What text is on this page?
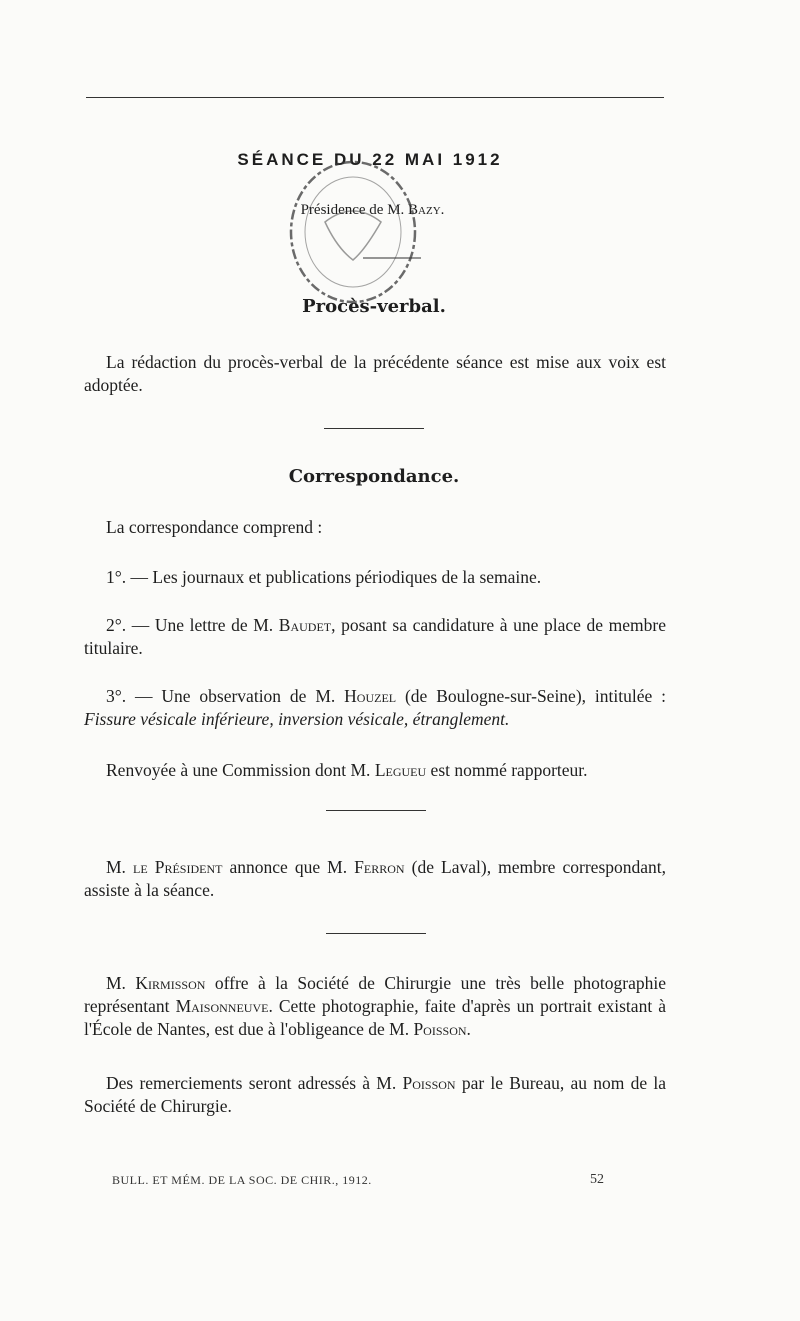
SÉANCE DU 22 MAI 1912
Présidence de M. Bazy.
Procès-verbal.
La rédaction du procès-verbal de la précédente séance est mise aux voix est adoptée.
Correspondance.
La correspondance comprend :
1°. — Les journaux et publications périodiques de la semaine.
2°. — Une lettre de M. Baudet, posant sa candidature à une place de membre titulaire.
3°. — Une observation de M. Houzel (de Boulogne-sur-Seine), intitulée : Fissure vésicale inférieure, inversion vésicale, étranglement.
Renvoyée à une Commission dont M. Legueu est nommé rapporteur.
M. le Président annonce que M. Ferron (de Laval), membre correspondant, assiste à la séance.
M. Kirmisson offre à la Société de Chirurgie une très belle photographie représentant Maisonneuve. Cette photographie, faite d'après un portrait existant à l'École de Nantes, est due à l'obligeance de M. Poisson.
Des remerciements seront adressés à M. Poisson par le Bureau, au nom de la Société de Chirurgie.
BULL. ET MÉM. DE LA SOC. DE CHIR., 1912.	52
